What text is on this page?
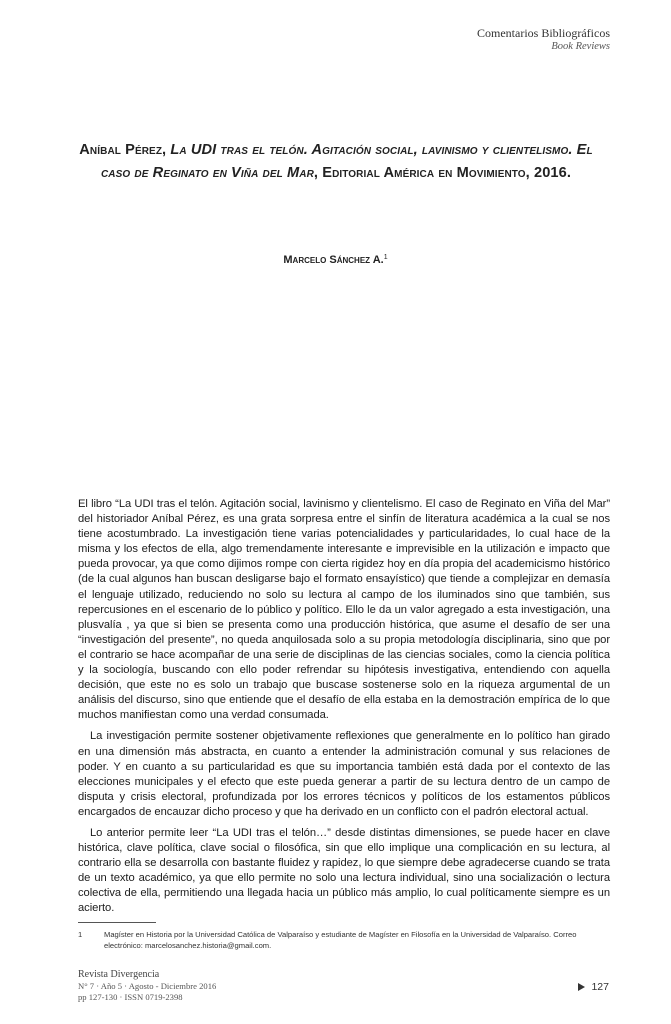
Comentarios Bibliográficos
Book Reviews
Aníbal Pérez, La UDI tras el telón. Agitación social, lavinismo y clientelismo. El caso de Reginato en Viña del Mar, Editorial América en Movimiento, 2016.
Marcelo Sánchez A.$^1$

El libro “La UDI tras el telón. Agitación social, lavinismo y clientelismo. El caso de Reginato en Viña del Mar” del historiador Aníbal Pérez, es una grata sorpresa entre el sinfín de literatura académica a la cual se nos tiene acostumbrado. La investigación tiene varias potencialidades y particularidades, lo cual hace de la misma y los efectos de ella, algo tremendamente interesante e imprevisible en la utilización e impacto que pueda provocar, ya que como dijimos rompe con cierta rigidez hoy en día propia del academicismo histórico (de la cual algunos han buscan desligarse bajo el formato ensayístico) que tiende a complejizar en demasía el lenguaje utilizado, reduciendo no solo su lectura al campo de los iluminados sino que también, sus repercusiones en el escenario de lo público y político. Ello le da un valor agregado a esta investigación, una plusvalía , ya que si bien se presenta como una producción histórica, que asume el desafío de ser una “investigación del presente”, no queda anquilosada solo a su propia metodología disciplinaria, sino que por el contrario se hace acompañar de una serie de disciplinas de las ciencias sociales, como la ciencia política y la sociología, buscando con ello poder refrendar su hipótesis investigativa, entendiendo con aquella decisión, que este no es solo un trabajo que buscase sostenerse solo en la riqueza argumental de un análisis del discurso, sino que entiende que el desafío de ella estaba en la demostración empírica de lo que muchos manifiestan como una verdad consumada.

La investigación permite sostener objetivamente reflexiones que generalmente en lo político han girado en una dimensión más abstracta, en cuanto a entender la administración comunal y sus relaciones de poder. Y en cuanto a su particularidad es que su importancia también está dada por el contexto de las elecciones municipales y el efecto que este pueda generar a partir de su lectura dentro de un campo de disputa y crisis electoral, profundizada por los errores técnicos y políticos de los estamentos públicos encargados de encauzar dicho proceso y que ha derivado en un conflicto con el padrón electoral actual.

Lo anterior permite leer “La UDI tras el telón…” desde distintas dimensiones, se puede hacer en clave histórica, clave política, clave social o filosófica, sin que ello implique una complicación en su lectura, al contrario ella se desarrolla con bastante fluidez y rapidez, lo que siempre debe agradecerse cuando se trata de un texto académico, ya que ello permite no solo una lectura individual, sino una socialización o lectura colectiva de ella, permitiendo una llegada hacia un público más amplio, lo cual políticamente siempre es un acierto.

1	Magíster en Historia por la Universidad Católica de Valparaíso y estudiante de Magíster en Filosofía en la Universidad de Valparaíso. Correo electrónico: marcelosanchez.historia@gmail.com.
Revista Divergencia
N° 7 · Año 5 · Agosto - Diciembre 2016
pp 127-130 · ISSN 0719-2398
127
